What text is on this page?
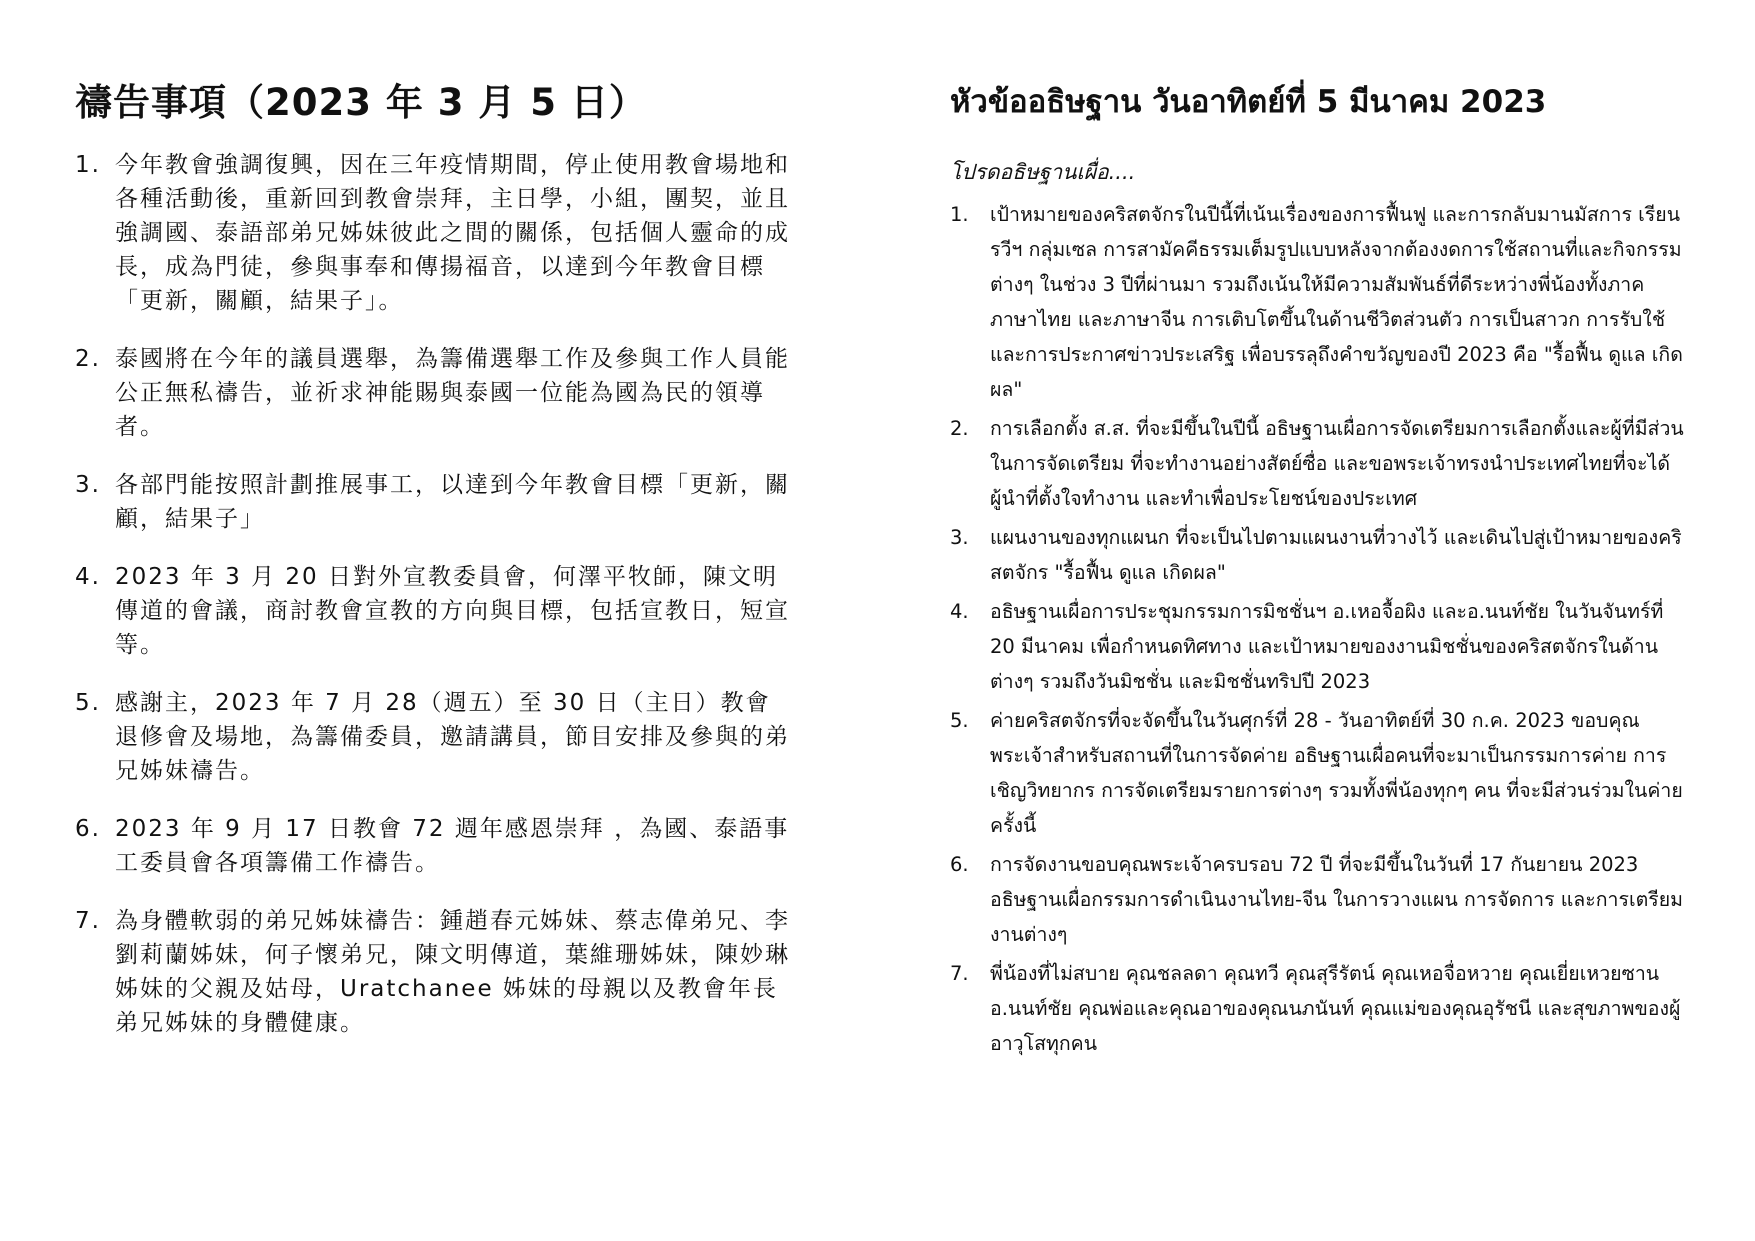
禱告事項（2023 年 3 月 5 日）
1. 今年教會強調復興，因在三年疫情期間，停止使用教會場地和各種活動後，重新回到教會崇拜，主日學，小組，團契，並且強調國、泰語部弟兄姊妹彼此之間的關係，包括個人靈命的成長，成為門徒，參與事奉和傳揚福音，以達到今年教會目標「更新，關顧，結果子」。
2. 泰國將在今年的議員選舉，為籌備選舉工作及參與工作人員能公正無私禱告，並祈求神能賜與泰國一位能為國為民的領導者。
3. 各部門能按照計劃推展事工，以達到今年教會目標「更新，關顧，結果子」
4. 2023 年 3 月 20 日對外宣教委員會，何澤平牧師，陳文明傳道的會議，商討教會宣教的方向與目標，包括宣教日，短宣等。
5. 感謝主，2023 年 7 月 28（週五）至 30 日（主日）教會退修會及場地，為籌備委員，邀請講員，節目安排及參與的弟兄姊妹禱告。
6. 2023 年 9 月 17 日教會 72 週年感恩崇拜 ，為國、泰語事工委員會各項籌備工作禱告。
7. 為身體軟弱的弟兄姊妹禱告：鍾趙春元姊妹、蔡志偉弟兄、李劉莉蘭姊妹，何子懷弟兄，陳文明傳道，葉維珊姊妹，陳妙琳姊妹的父親及姑母，Uratchanee 姊妹的母親以及教會年長弟兄姊妹的身體健康。
หัวข้ออธิษฐาน วันอาทิตย์ที่ 5 มีนาคม 2023

โปรดอธิษฐานเผื่อ....

1. เป้าหมายของคริสตจักรในปีนี้ที่เน้นเรื่องของการฟื้นฟู และการกลับมานมัสการ เรียนรวีฯ กลุ่มเซล การสามัคคีธรรมเต็มรูปแบบหลังจากต้องงดการใช้สถานที่และกิจกรรมต่างๆ ในช่วง 3 ปีที่ผ่านมา รวมถึงเน้นให้มีความสัมพันธ์ที่ดีระหว่างพี่น้องทั้งภาคภาษาไทย และภาษาจีน การเติบโตขึ้นในด้านชีวิตส่วนตัว การเป็นสาวก การรับใช้ และการประกาศข่าวประเสริฐ เพื่อบรรลุถึงคำขวัญของปี 2023 คือ "รื้อฟื้น ดูแล เกิดผล"
2. การเลือกตั้ง ส.ส. ที่จะมีขึ้นในปีนี้ อธิษฐานเผื่อการจัดเตรียมการเลือกตั้งและผู้ที่มีส่วนในการจัดเตรียม ที่จะทำงานอย่างสัตย์ซื่อ และขอพระเจ้าทรงนำประเทศไทยที่จะได้ผู้นำที่ตั้งใจทำงาน และทำเพื่อประโยชน์ของประเทศ
3. แผนงานของทุกแผนก ที่จะเป็นไปตามแผนงานที่วางไว้ และเดินไปสู่เป้าหมายของคริสตจักร "รื้อฟื้น ดูแล เกิดผล"
4. อธิษฐานเผื่อการประชุมกรรมการมิชชั่นฯ อ.เหอจื้อผิง และอ.นนท์ชัย ในวันจันทร์ที่ 20 มีนาคม เพื่อกำหนดทิศทาง และเป้าหมายของงานมิชชั่นของคริสตจักรในด้านต่างๆ รวมถึงวันมิชชั่น และมิชชั่นทริปปี 2023
5. ค่ายคริสตจักรที่จะจัดขึ้นในวันศุกร์ที่ 28 - วันอาทิตย์ที่ 30 ก.ค. 2023 ขอบคุณพระเจ้าสำหรับสถานที่ในการจัดค่าย อธิษฐานเผื่อคนที่จะมาเป็นกรรมการค่าย การเชิญวิทยากร การจัดเตรียมรายการต่างๆ รวมทั้งพี่น้องทุกๆ คน ที่จะมีส่วนร่วมในค่ายครั้งนี้
6. การจัดงานขอบคุณพระเจ้าครบรอบ 72 ปี ที่จะมีขึ้นในวันที่ 17 กันยายน 2023 อธิษฐานเผื่อกรรมการดำเนินงานไทย-จีน ในการวางแผน การจัดการ และการเตรียมงานต่างๆ
7. พี่น้องที่ไม่สบาย คุณชลลดา คุณทวี คุณสุรีรัตน์ คุณเหอจื่อหวาย คุณเยี่ยเหวยซาน อ.นนท์ชัย คุณพ่อและคุณอาของคุณนภนันท์ คุณแม่ของคุณอุรัชนี และสุขภาพของผู้อาวุโสทุกคน
